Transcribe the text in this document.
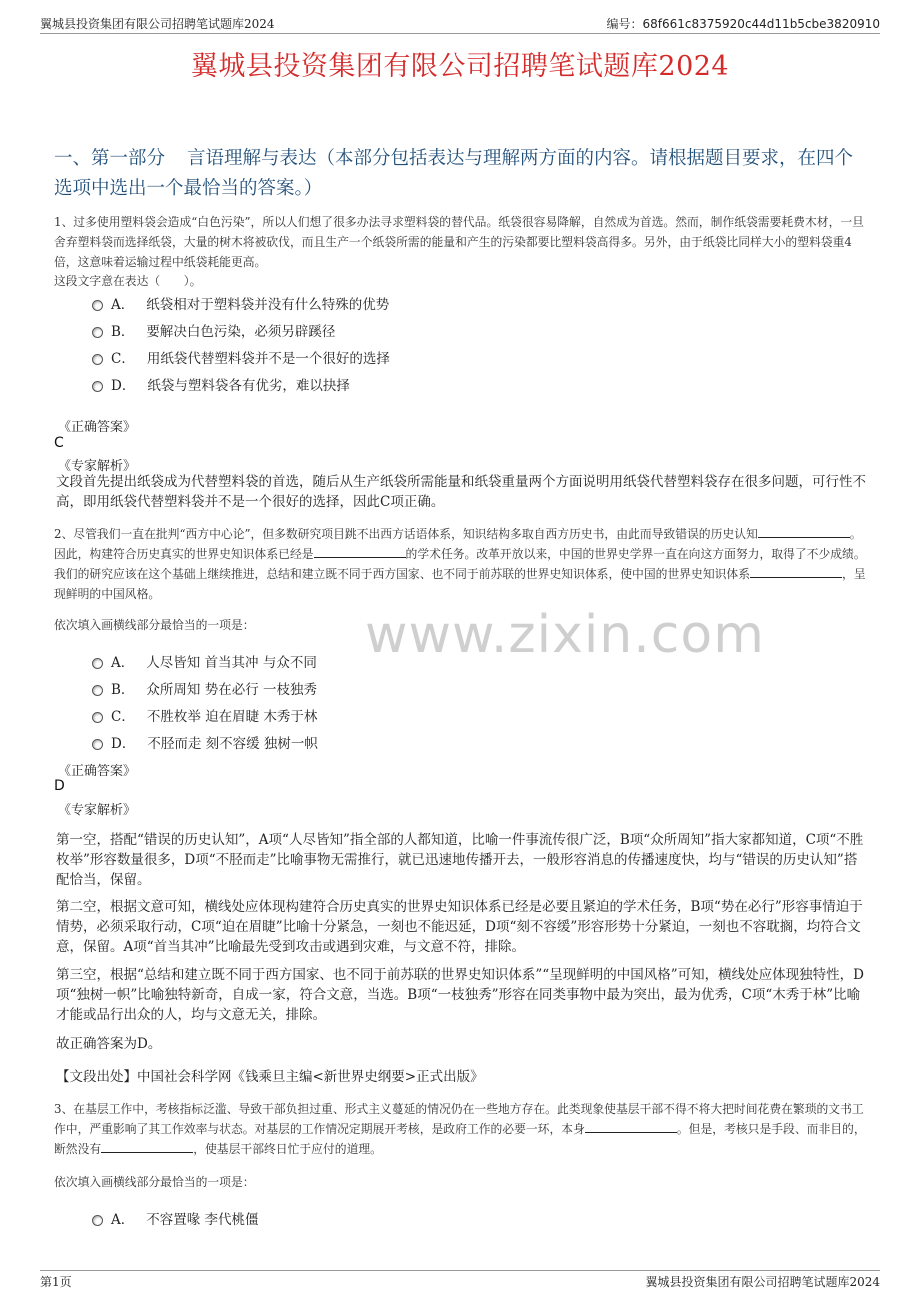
翼城县投资集团有限公司招聘笔试题库2024	编号：68f661c8375920c44d11b5cbe3820910
翼城县投资集团有限公司招聘笔试题库2024
一、第一部分 言语理解与表达（本部分包括表达与理解两方面的内容。请根据题目要求，在四个选项中选出一个最恰当的答案。）
www.zixin.com
1、过多使用塑料袋会造成“白色污染”，所以人们想了很多办法寻求塑料袋的替代品。纸袋很容易降解，自然成为首选。然而，制作纸袋需要耗费木材，一旦舍弃塑料袋而选择纸袋，大量的树木将被砍伐，而且生产一个纸袋所需的能量和产生的污染都要比塑料袋高得多。另外，由于纸袋比同样大小的塑料袋重4倍，这意味着运输过程中纸袋耗能更高。
这段文字意在表达（　　）。
A． 纸袋相对于塑料袋并没有什么特殊的优势
B． 要解决白色污染，必须另辟蹊径
C． 用纸袋代替塑料袋并不是一个很好的选择
D． 纸袋与塑料袋各有优劣，难以抉择
《正确答案》
C
《专家解析》
文段首先提出纸袋成为代替塑料袋的首选，随后从生产纸袋所需能量和纸袋重量两个方面说明用纸袋代替塑料袋存在很多问题，可行性不高，即用纸袋代替塑料袋并不是一个很好的选择，因此C项正确。
2、尽管我们一直在批判“西方中心论”，但多数研究项目跳不出西方话语体系，知识结构多取自西方历史书，由此而导致错误的历史认知	。因此，构建符合历史真实的世界史知识体系已经是	的学术任务。改革开放以来，中国的世界史学界一直在向这方面努力，取得了不少成绩。我们的研究应该在这个基础上继续推进，总结和建立既不同于西方国家、也不同于前苏联的世界史知识体系，使中国的世界史知识体系	，呈现鲜明的中国风格。
依次填入画横线部分最恰当的一项是：
A． 人尽皆知 首当其冲 与众不同
B． 众所周知 势在必行 一枝独秀
C． 不胜枚举 迫在眉睫 木秀于林
D． 不胫而走 刻不容缓 独树一帜
《正确答案》
D
《专家解析》
第一空，搭配“错误的历史认知”，A项“人尽皆知”指全部的人都知道，比喻一件事流传很广泛，B项“众所周知”指大家都知道，C项“不胜枚举”形容数量很多，D项“不胫而走”比喻事物无需推行，就已迅速地传播开去，一般形容消息的传播速度快，均与“错误的历史认知”搭配恰当，保留。
第二空，根据文意可知，横线处应体现构建符合历史真实的世界史知识体系已经是必要且紧迫的学术任务，B项“势在必行”形容事情迫于情势，必须采取行动，C项“迫在眉睫”比喻十分紧急，一刻也不能迟延，D项“刻不容缓”形容形势十分紧迫，一刻也不容耽搁，均符合文意，保留。A项“首当其冲”比喻最先受到攻击或遇到灾难，与文意不符，排除。
第三空，根据“总结和建立既不同于西方国家、也不同于前苏联的世界史知识体系”“呈现鲜明的中国风格”可知，横线处应体现独特性，D项“独树一帜”比喻独特新奇，自成一家，符合文意，当选。B项“一枝独秀”形容在同类事物中最为突出，最为优秀，C项“木秀于林”比喻才能或品行出众的人，均与文意无关，排除。
故正确答案为D。
【文段出处】中国社会科学网《钱乘旦主编<新世界史纲要>正式出版》
3、在基层工作中，考核指标泛滥、导致干部负担过重、形式主义蔓延的情况仍在一些地方存在。此类现象使基层干部不得不将大把时间花费在繁琐的文书工作中，严重影响了其工作效率与状态。对基层的工作情况定期展开考核，是政府工作的必要一环，本身	。但是，考核只是手段、而非目的，断然没有	，使基层干部终日忙于应付的道理。
依次填入画横线部分最恰当的一项是：
A． 不容置喙 李代桃僵
第1页	翼城县投资集团有限公司招聘笔试题库2024
